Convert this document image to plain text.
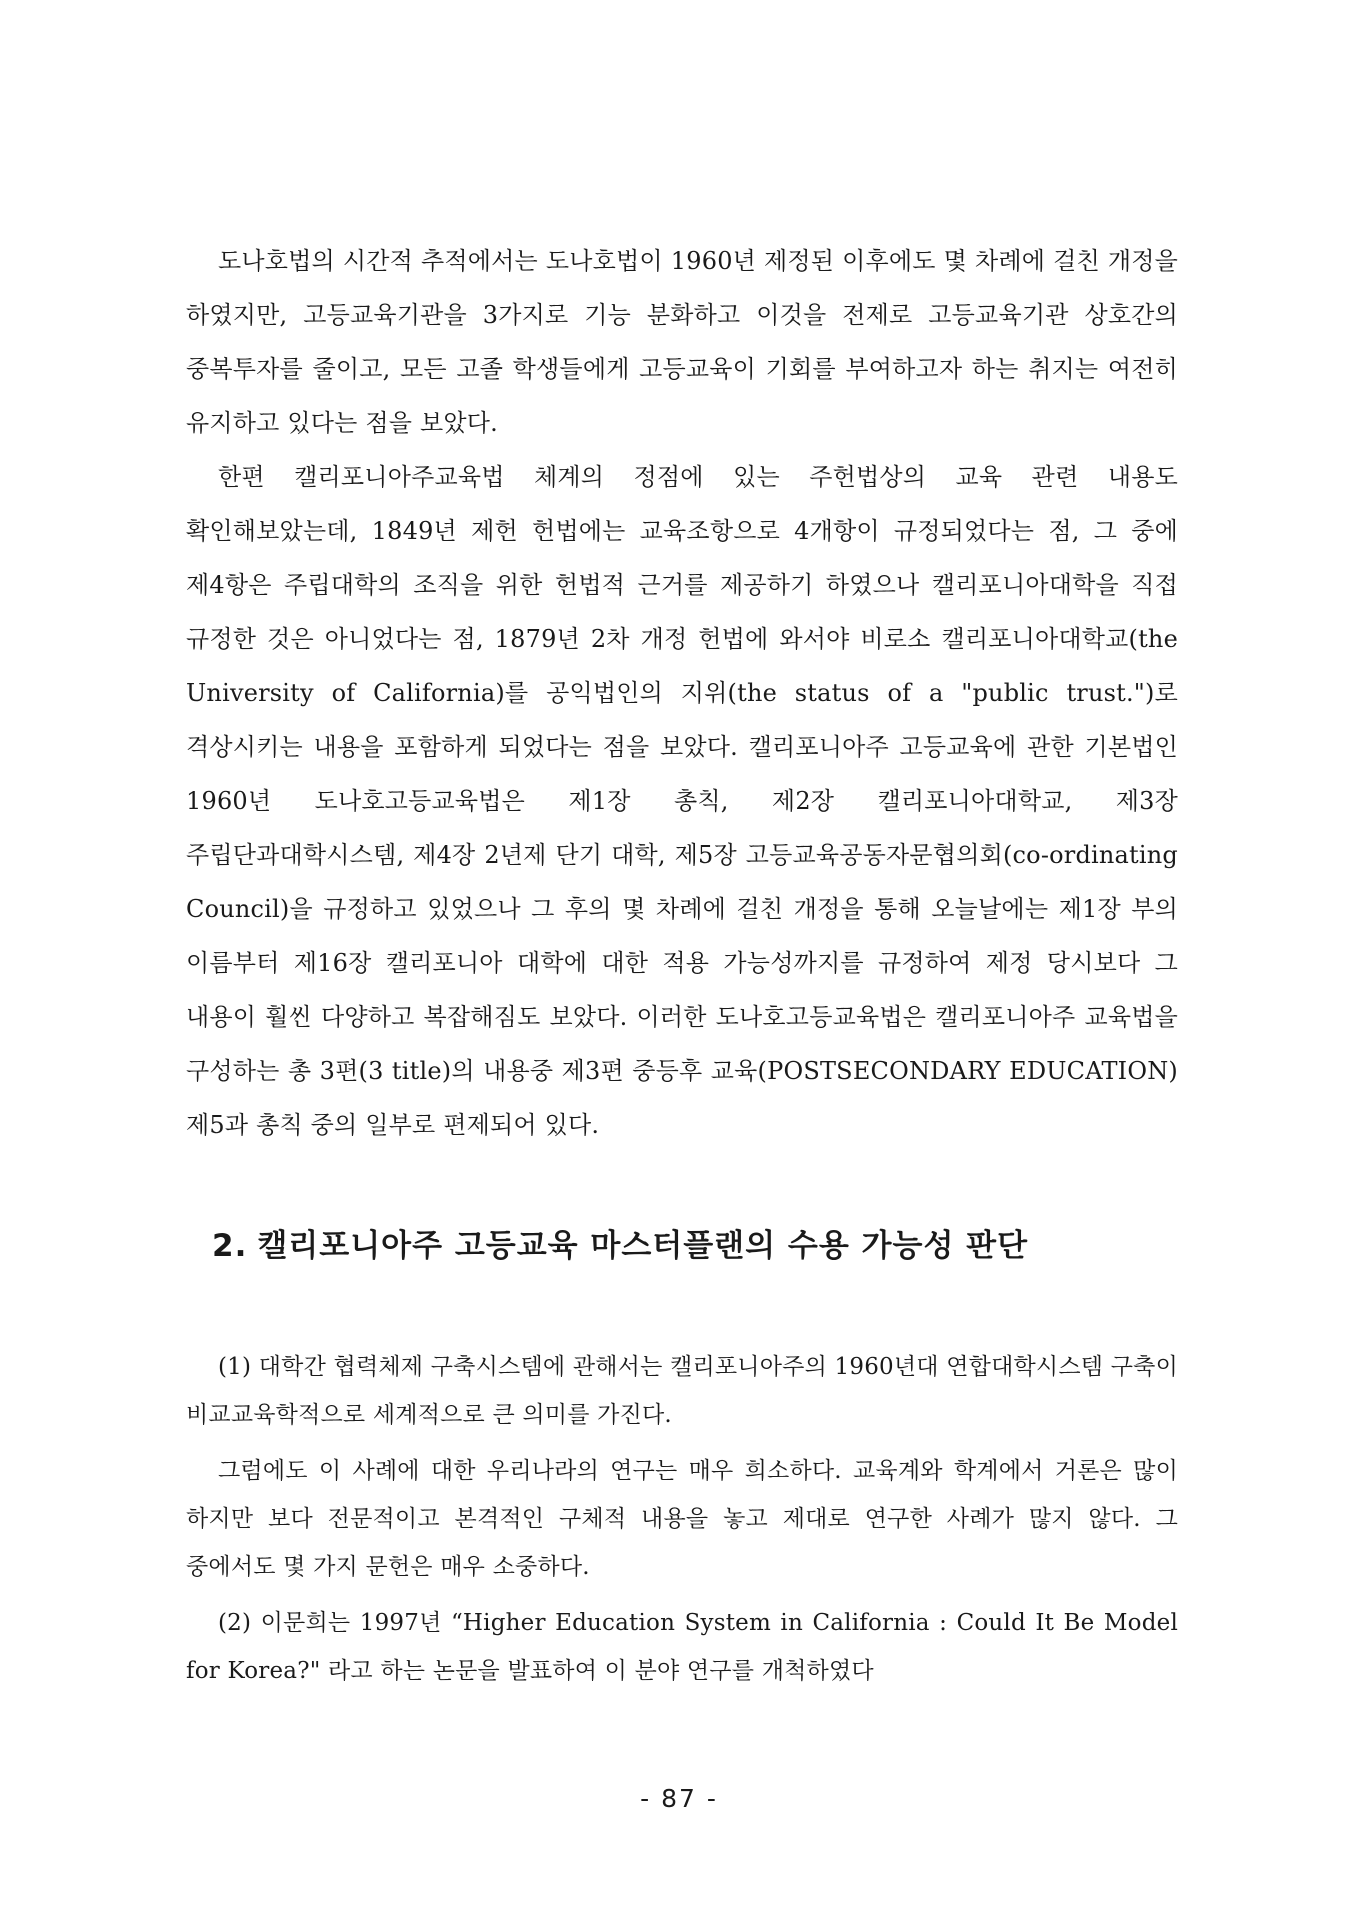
도나호법의 시간적 추적에서는 도나호법이 1960년 제정된 이후에도 몇 차례에 걸친 개정을 하였지만, 고등교육기관을 3가지로 기능 분화하고 이것을 전제로 고등교육기관 상호간의 중복투자를 줄이고, 모든 고졸 학생들에게 고등교육이 기회를 부여하고자 하는 취지는 여전히 유지하고 있다는 점을 보았다.

한편 캘리포니아주교육법 체계의 정점에 있는 주헌법상의 교육 관련 내용도 확인해보았는데, 1849년 제헌 헌법에는 교육조항으로 4개항이 규정되었다는 점, 그 중에 제4항은 주립대학의 조직을 위한 헌법적 근거를 제공하기 하였으나 캘리포니아대학을 직접 규정한 것은 아니었다는 점, 1879년 2차 개정 헌법에 와서야 비로소 캘리포니아대학교(the University of California)를 공익법인의 지위(the status of a "public trust.")로 격상시키는 내용을 포함하게 되었다는 점을 보았다. 캘리포니아주 고등교육에 관한 기본법인 1960년 도나호고등교육법은 제1장 총칙, 제2장 캘리포니아대학교, 제3장 주립단과대학시스템, 제4장 2년제 단기 대학, 제5장 고등교육공동자문협의회(co-ordinating Council)을 규정하고 있었으나 그 후의 몇 차례에 걸친 개정을 통해 오늘날에는 제1장 부의 이름부터 제16장 캘리포니아 대학에 대한 적용 가능성까지를 규정하여 제정 당시보다 그 내용이 훨씬 다양하고 복잡해짐도 보았다. 이러한 도나호고등교육법은 캘리포니아주 교육법을 구성하는 총 3편(3 title)의 내용중 제3편 중등후 교육(POSTSECONDARY EDUCATION) 제5과 총칙 중의 일부로 편제되어 있다.

2. 캘리포니아주 고등교육 마스터플랜의 수용 가능성 판단

(1) 대학간 협력체제 구축시스템에 관해서는 캘리포니아주의 1960년대 연합대학시스템 구축이 비교교육학적으로 세계적으로 큰 의미를 가진다.

그럼에도 이 사례에 대한 우리나라의 연구는 매우 희소하다. 교육계와 학계에서 거론은 많이 하지만 보다 전문적이고 본격적인 구체적 내용을 놓고 제대로 연구한 사례가 많지 않다. 그 중에서도 몇 가지 문헌은 매우 소중하다.

(2) 이문희는 1997년 “Higher Education System in California : Could It Be Model for Korea?" 라고 하는 논문을 발표하여 이 분야 연구를 개척하였다

- 87 -
